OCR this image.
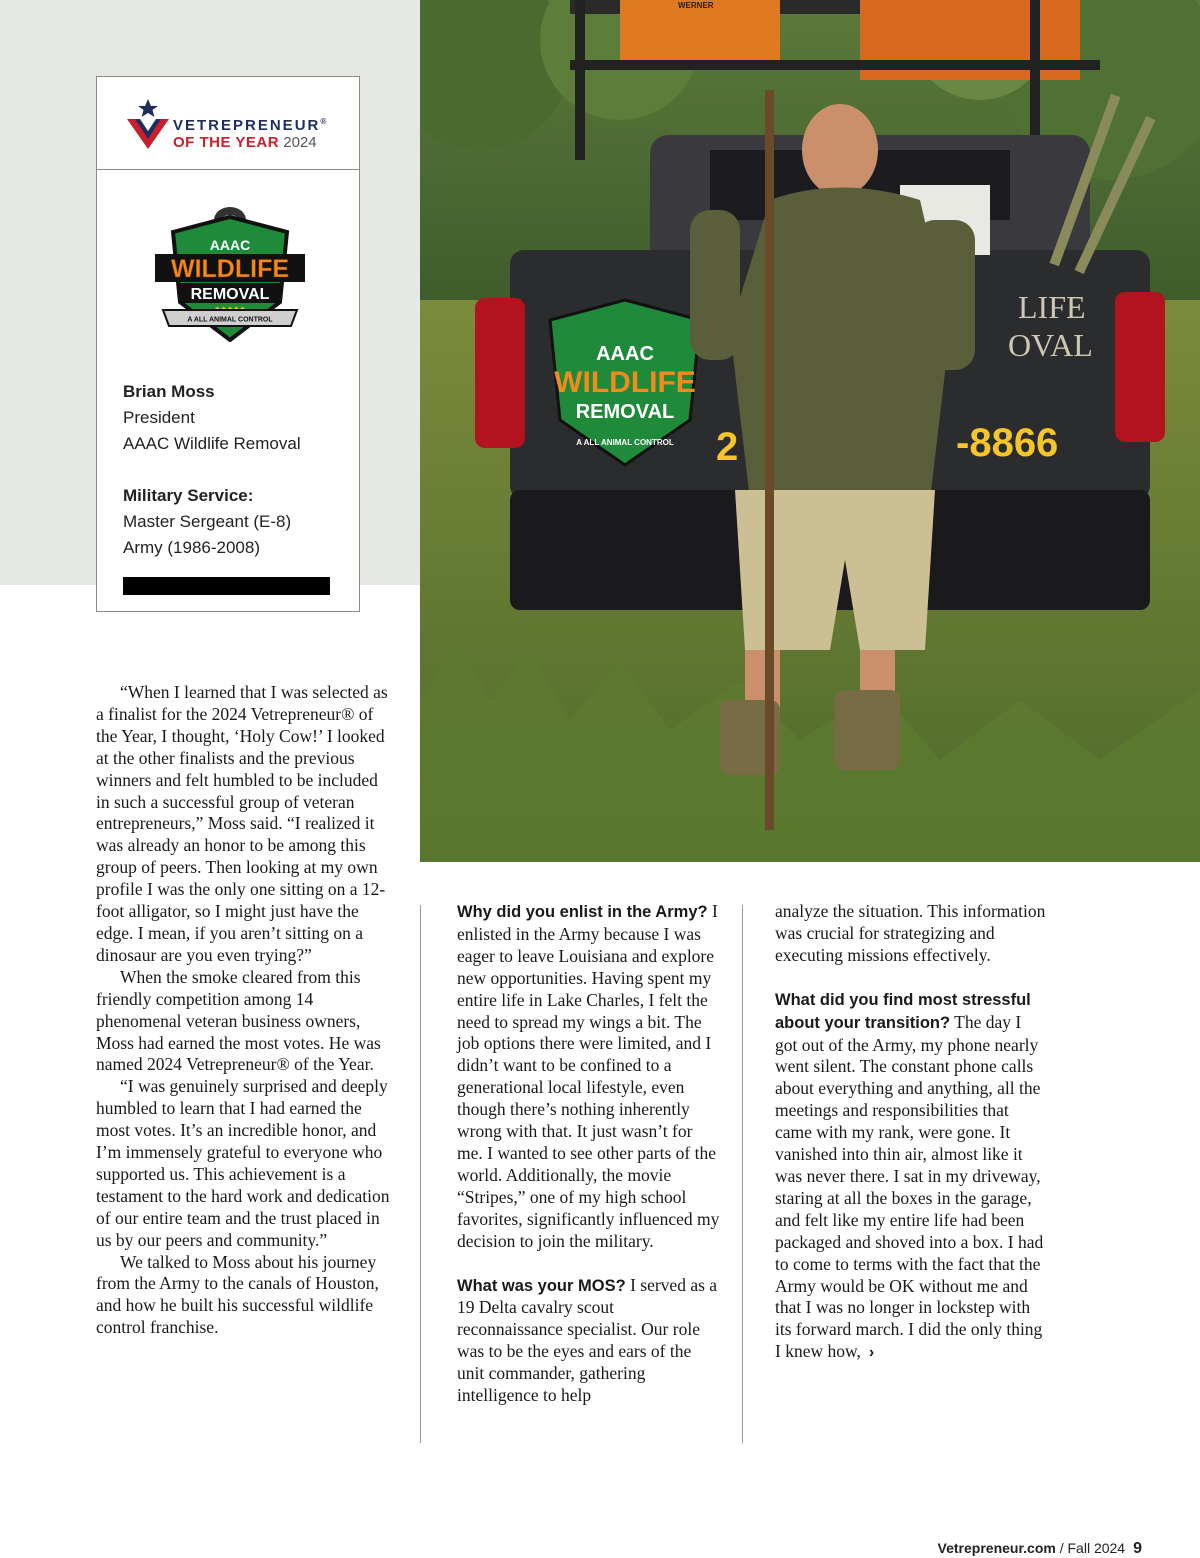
WERNER
AAAC
WILDLIFE
REMOVAL
A ALL ANIMAL CONTROL
LIFE
OVAL
2	-8866
VETREPRENEUR®
OF THE YEAR 2024
AAAC
WILDLIFE
REMOVAL
A ALL ANIMAL CONTROL
Brian Moss
President
AAAC Wildlife Removal
Military Service:
Master Sergeant (E-8)
Army (1986-2008)

“When I learned that I was selected as a finalist for the 2024 Vetrepreneur® of the Year, I thought, ‘Holy Cow!’ I looked at the other finalists and the previous winners and felt humbled to be included in such a successful group of veteran entrepreneurs,” Moss said. “I realized it was already an honor to be among this group of peers. Then looking at my own profile I was the only one sitting on a 12-foot alligator, so I might just have the edge. I mean, if you aren’t sitting on a dinosaur are you even trying?”

When the smoke cleared from this friendly competition among 14 phenomenal veteran business owners, Moss had earned the most votes. He was named 2024 Vetrepreneur® of the Year.

“I was genuinely surprised and deeply humbled to learn that I had earned the most votes. It’s an incredible honor, and I’m immensely grateful to everyone who supported us. This achievement is a testament to the hard work and dedication of our entire team and the trust placed in us by our peers and community.”

We talked to Moss about his journey from the Army to the canals of Houston, and how he built his successful wildlife control franchise.

Why did you enlist in the Army? I enlisted in the Army because I was eager to leave Louisiana and explore new opportunities. Having spent my entire life in Lake Charles, I felt the need to spread my wings a bit. The job options there were limited, and I didn’t want to be confined to a generational local lifestyle, even though there’s nothing inherently wrong with that. It just wasn’t for me. I wanted to see other parts of the world. Additionally, the movie “Stripes,” one of my high school favorites, significantly influenced my decision to join the military.

What was your MOS? I served as a 19 Delta cavalry scout reconnaissance specialist. Our role was to be the eyes and ears of the unit commander, gathering intelligence to help

analyze the situation. This information was crucial for strategizing and executing missions effectively.

What did you find most stressful about your transition? The day I got out of the Army, my phone nearly went silent. The constant phone calls about everything and anything, all the meetings and responsibilities that came with my rank, were gone. It vanished into thin air, almost like it was never there. I sat in my driveway, staring at all the boxes in the garage, and felt like my entire life had been packaged and shoved into a box. I had to come to terms with the fact that the Army would be OK without me and that I was no longer in lockstep with its forward march. I did the only thing I knew how, ›

Vetrepreneur.com / Fall 2024 9
